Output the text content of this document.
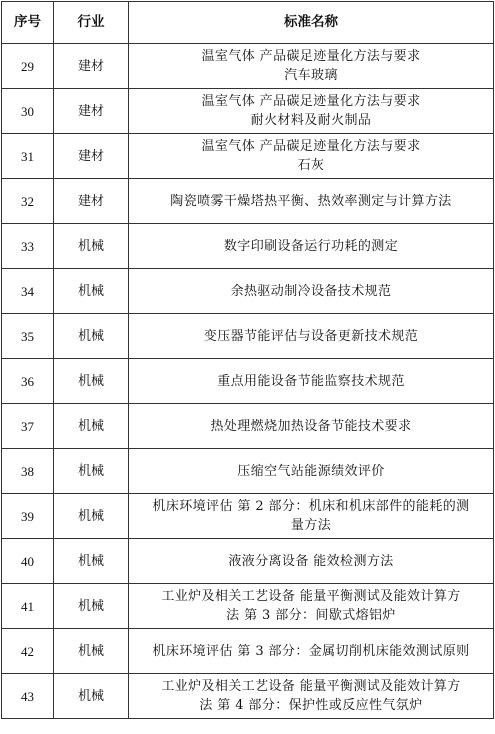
序号	行业	标准名称
29	建材	温室气体 产品碳足迹量化方法与要求
汽车玻璃

30	建材	温室气体 产品碳足迹量化方法与要求
耐火材料及耐火制品

31	建材	温室气体 产品碳足迹量化方法与要求
石灰

32	建材	陶瓷喷雾干燥塔热平衡、热效率测定与计算方法

33	机械	数字印刷设备运行功耗的测定

34	机械	余热驱动制冷设备技术规范

35	机械	变压器节能评估与设备更新技术规范

36	机械	重点用能设备节能监察技术规范

37	机械	热处理燃烧加热设备节能技术要求

38	机械	压缩空气站能源绩效评价

39	机械	机床环境评估 第 2 部分：机床和机床部件的能耗的测
量方法

40	机械	液液分离设备 能效检测方法

41	机械	工业炉及相关工艺设备 能量平衡测试及能效计算方
法 第 3 部分：间歇式熔铝炉

42	机械	机床环境评估 第 3 部分：金属切削机床能效测试原则

43	机械	工业炉及相关工艺设备 能量平衡测试及能效计算方
法 第 4 部分：保护性或反应性气氛炉
